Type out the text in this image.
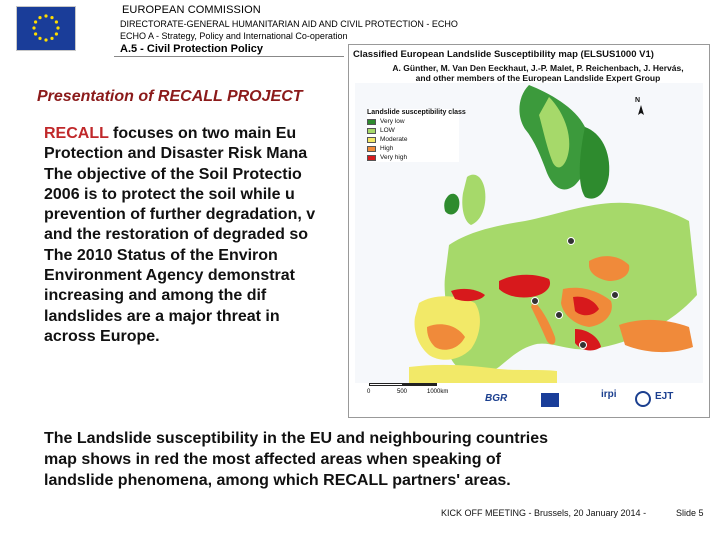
EUROPEAN COMMISSION
DIRECTORATE-GENERAL HUMANITARIAN AID AND CIVIL PROTECTION - ECHO
ECHO A - Strategy, Policy and International Co-operation
A.5 - Civil Protection Policy
Presentation of RECALL PROJECT
RECALL focuses on two main Eu
Protection and Disaster Risk Mana
The objective of the Soil Protectio
2006 is to protect the soil while u
prevention of further degradation, v
and the restoration of degraded so
The 2010 Status of the Environ
Environment Agency demonstrat
increasing and among the dif
landslides are a major threat in
across Europe.
Classified European Landslide Susceptibility map (ELSUS1000 V1)
A. Günther, M. Van Den Eeckhaut, J.-P. Malet, P. Reichenbach, J. Hervás,
and other members of the European Landslide Expert Group
N
Landslide susceptibility class
Very low
LOW
Moderate
High
Very high
0	500	1000km
BGR	irpi	EJT
The Landslide susceptibility in the EU and neighbouring countries
map shows in red the most affected areas when speaking of
landslide phenomena, among which RECALL partners' areas.
KICK OFF MEETING - Brussels, 20 January 2014 -	Slide 5
